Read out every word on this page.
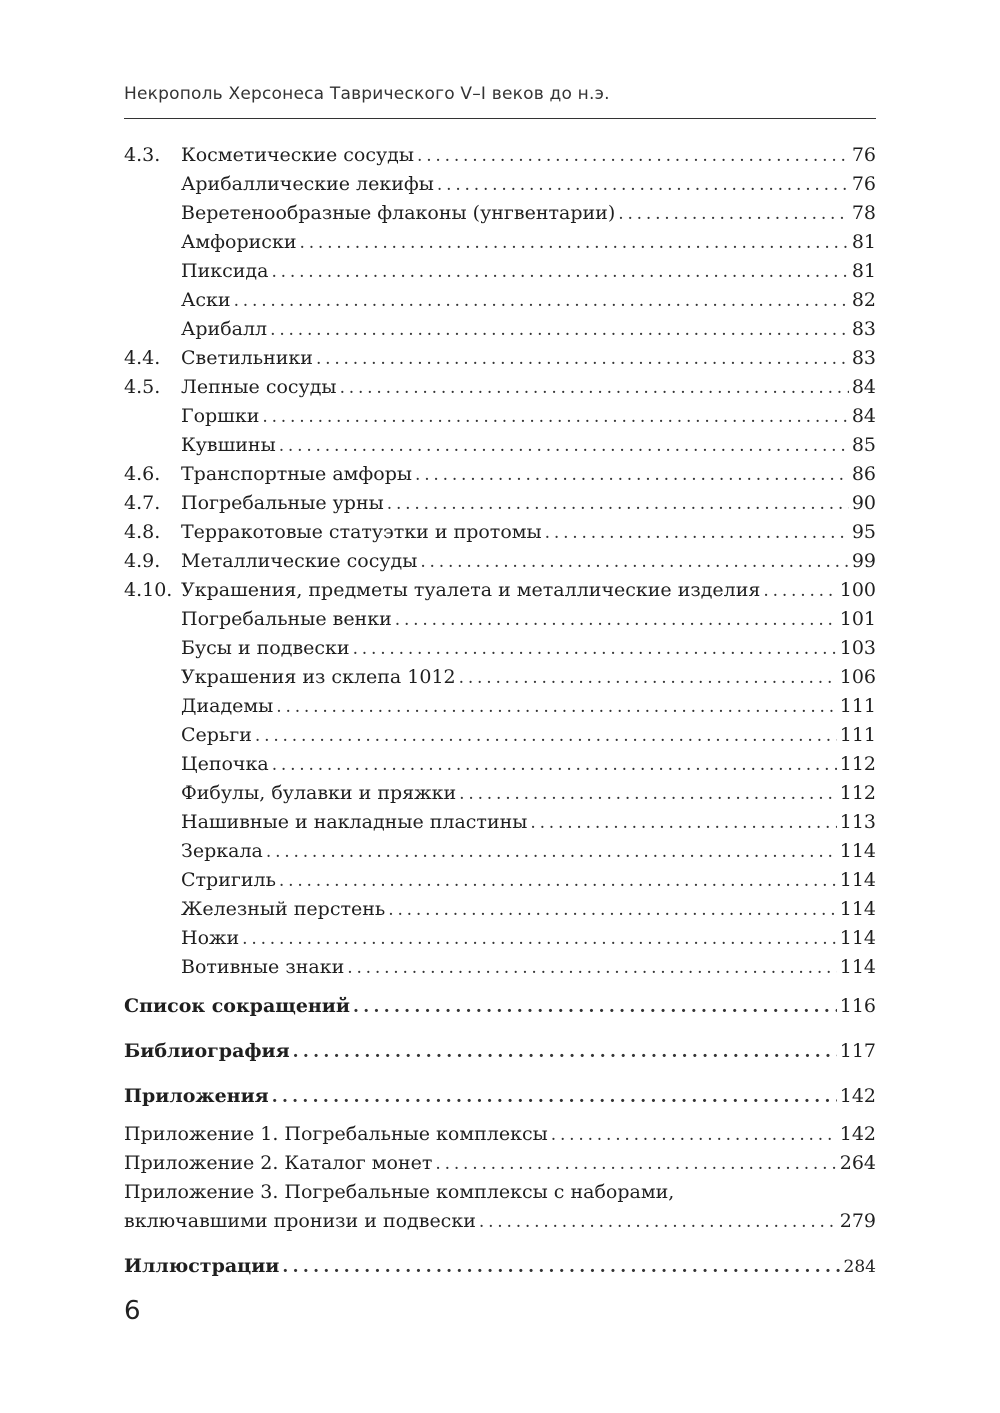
Некрополь Херсонеса Таврического V–I веков до н.э.
4.3.	Косметические сосуды . . .	76
Арибаллические лекифы . . .	76
Веретенообразные флаконы (унгвентарии) . . .	78
Амфориски . . .	81
Пиксида . . .	81
Аски . . .	82
Арибалл . . .	83
4.4.	Светильники . . .	83
4.5.	Лепные сосуды . . .	84
Горшки . . .	84
Кувшины . . .	85
4.6.	Транспортные амфоры . . .	86
4.7.	Погребальные урны . . .	90
4.8.	Терракотовые статуэтки и протомы . . .	95
4.9.	Металлические сосуды . . .	99
4.10. Украшения, предметы туалета и металлические изделия . . .	100
Погребальные венки . . .	101
Бусы и подвески . . .	103
Украшения из склепа 1012 . . .	106
Диадемы . . .	111
Серьги . . .	111
Цепочка . . .	112
Фибулы, булавки и пряжки . . .	112
Нашивные и накладные пластины . . .	113
Зеркала . . .	114
Стригиль . . .	114
Железный перстень . . .	114
Ножи . . .	114
Вотивные знаки . . .	114
Список сокращений . . .	116
Библиография . . .	117
Приложения . . .	142
Приложение 1. Погребальные комплексы . . .	142
Приложение 2. Каталог монет . . .	264
Приложение 3. Погребальные комплексы с наборами,
включавшими пронизи и подвески . . .	279
Иллюстрации . . .	284
6
